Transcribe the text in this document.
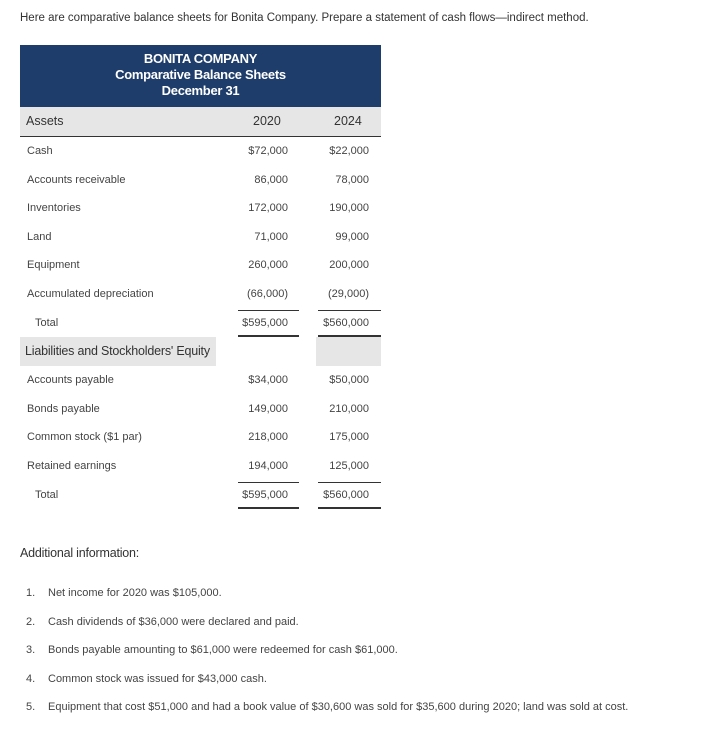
Here are comparative balance sheets for Bonita Company. Prepare a statement of cash flows—indirect method.
BONITA COMPANY
Comparative Balance Sheets
December 31
Assets	2020	2024
Cash	$72,000	$22,000
Accounts receivable	86,000	78,000
Inventories	172,000	190,000
Land	71,000	99,000
Equipment	260,000	200,000
Accumulated depreciation	(66,000)	(29,000)
Total	$595,000	$560,000
Liabilities and Stockholders' Equity
Accounts payable	$34,000	$50,000
Bonds payable	149,000	210,000
Common stock ($1 par)	218,000	175,000
Retained earnings	194,000	125,000
Total	$595,000	$560,000
Additional information:
1. Net income for 2020 was $105,000.
2. Cash dividends of $36,000 were declared and paid.
3. Bonds payable amounting to $61,000 were redeemed for cash $61,000.
4. Common stock was issued for $43,000 cash.
5. Equipment that cost $51,000 and had a book value of $30,600 was sold for $35,600 during 2020; land was sold at cost.
